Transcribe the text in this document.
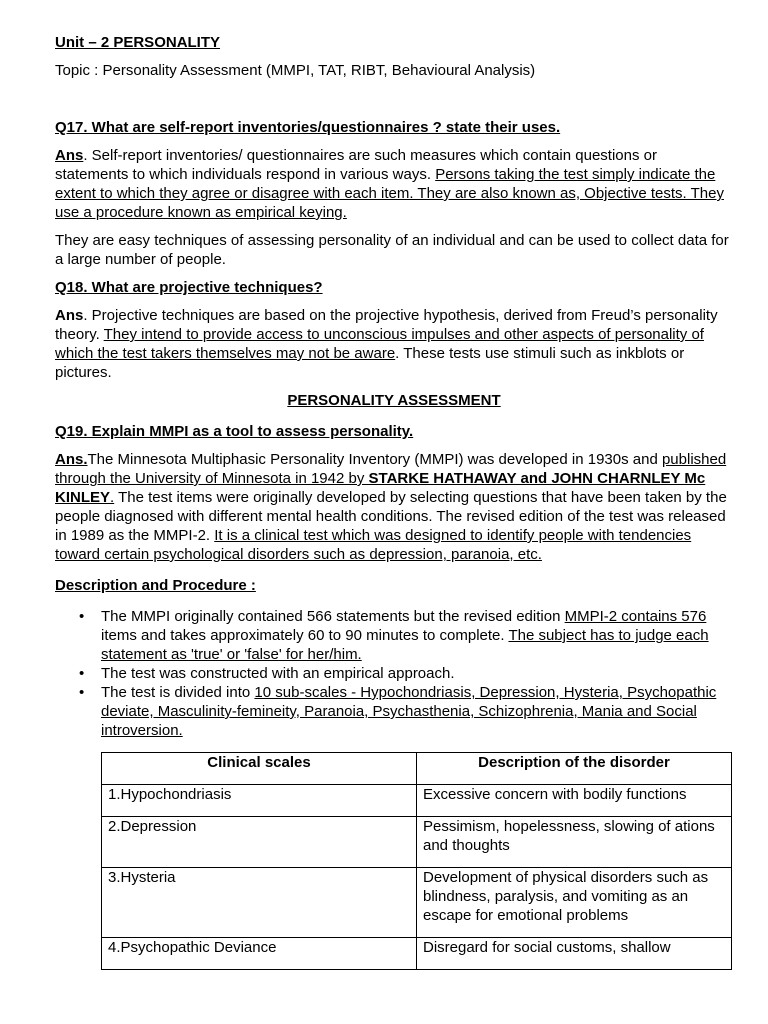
Unit – 2 PERSONALITY

Topic : Personality Assessment (MMPI, TAT, RIBT, Behavioural Analysis)

Q17. What are self-report inventories/questionnaires ? state their uses.

Ans. Self-report inventories/ questionnaires are such measures which contain questions or statements to which individuals respond in various ways. Persons taking the test simply indicate the extent to which they agree or disagree with each item. They are also known as, Objective tests. They use a procedure known as empirical keying.

They are easy techniques of assessing personality of an individual and can be used to collect data for a large number of people.

Q18. What are projective techniques?

Ans. Projective techniques are based on the projective hypothesis, derived from Freud’s personality theory. They intend to provide access to unconscious impulses and other aspects of personality of which the test takers themselves may not be aware. These tests use stimuli such as inkblots or pictures.

PERSONALITY ASSESSMENT

Q19. Explain MMPI as a tool to assess personality.

Ans.The Minnesota Multiphasic Personality Inventory (MMPI) was developed in 1930s and published through the University of Minnesota in 1942 by STARKE HATHAWAY and JOHN CHARNLEY Mc KINLEY. The test items were originally developed by selecting questions that have been taken by the people diagnosed with different mental health conditions. The revised edition of the test was released in 1989 as the MMPI-2. It is a clinical test which was designed to identify people with tendencies toward certain psychological disorders such as depression, paranoia, etc.

Description and Procedure :

• The MMPI originally contained 566 statements but the revised edition MMPI-2 contains 576 items and takes approximately 60 to 90 minutes to complete. The subject has to judge each statement as 'true' or 'false' for her/him.
• The test was constructed with an empirical approach.
• The test is divided into 10 sub-scales - Hypochondriasis, Depression, Hysteria, Psychopathic deviate, Masculinity-femineity, Paranoia, Psychasthenia, Schizophrenia, Mania and Social introversion.
Clinical scales	Description of the disorder
1.Hypochondriasis	Excessive concern with bodily functions
2.Depression	Pessimism, hopelessness, slowing of ations and thoughts
3.Hysteria	Development of physical disorders such as blindness, paralysis, and vomiting as an escape for emotional problems
4.Psychopathic Deviance	Disregard for social customs, shallow
